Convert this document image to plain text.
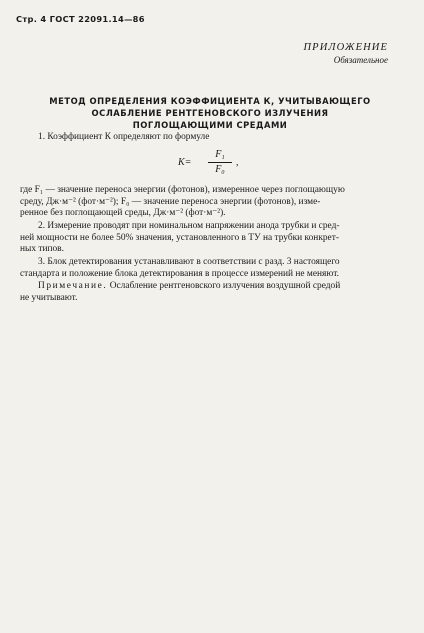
Стр. 4 ГОСТ 22091.14—86
ПРИЛОЖЕНИЕ
Обязательное
МЕТОД ОПРЕДЕЛЕНИЯ КОЭФФИЦИЕНТА К, УЧИТЫВАЮЩЕГО
ОСЛАБЛЕНИЕ РЕНТГЕНОВСКОГО ИЗЛУЧЕНИЯ
ПОГЛОЩАЮЩИМИ СРЕДАМИ
1. Коэффициент К определяют по формуле
K=
F₁
F₀
,
где F₁ — значение переноса энергии (фотонов), измеренное через поглощающую
среду, Дж·м⁻² (фот·м⁻²); F₀ — значение переноса энергии (фотонов), изме-
ренное без поглощающей среды, Дж·м⁻² (фот·м⁻²).
2. Измерение проводят при номинальном напряжении анода трубки и сред-
ней мощности не более 50% значения, установленного в ТУ на трубки конкрет-
ных типов.
3. Блок детектирования устанавливают в соответствии с разд. 3 настоящего
стандарта и положение блока детектирования в процессе измерений не меняют.
Примечание. Ослабление рентгеновского излучения воздушной средой
не учитывают.
